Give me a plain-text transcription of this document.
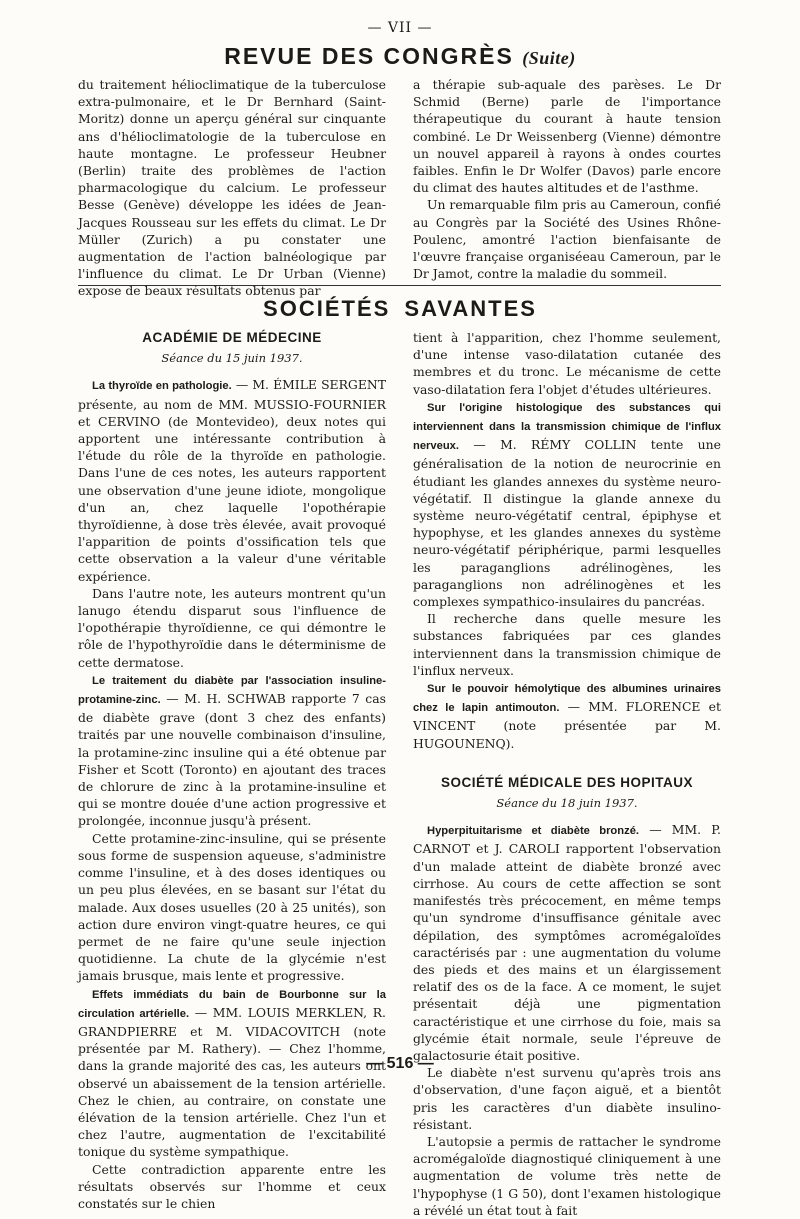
— VII —
REVUE DES CONGRÈS (Suite)

du traitement hélioclimatique de la tuberculose extra-pulmonaire, et le Dr Bernhard (Saint-Moritz) donne un aperçu général sur cinquante ans d'hélioclimatologie de la tuberculose en haute montagne. Le professeur Heubner (Berlin) traite des problèmes de l'action pharmacologique du calcium. Le professeur Besse (Genève) développe les idées de Jean-Jacques Rousseau sur les effets du climat. Le Dr Müller (Zurich) a pu constater une augmentation de l'action balnéologique par l'influence du climat. Le Dr Urban (Vienne) expose de beaux résultats obtenus par

a thérapie sub-aquale des parèses. Le Dr Schmid (Berne) parle de l'importance thérapeutique du courant à haute tension combiné. Le Dr Weissenberg (Vienne) démontre un nouvel appareil à rayons à ondes courtes faibles. Enfin le Dr Wolfer (Davos) parle encore du climat des hautes altitudes et de l'asthme.

Un remarquable film pris au Cameroun, confié au Congrès par la Société des Usines Rhône-Poulenc, amontré l'action bienfaisante de l'œuvre française organiséeau Cameroun, par le Dr Jamot, contre la maladie du sommeil.

SOCIÉTÉS SAVANTES

ACADÉMIE DE MÉDECINE

Séance du 15 juin 1937.

La thyroïde en pathologie. — M. ÉMILE SERGENT présente, au nom de MM. MUSSIO-FOURNIER et CERVINO (de Montevideo), deux notes qui apportent une intéressante contribution à l'étude du rôle de la thyroïde en pathologie. Dans l'une de ces notes, les auteurs rapportent une observation d'une jeune idiote, mongolique d'un an, chez laquelle l'opothérapie thyroïdienne, à dose très élevée, avait provoqué l'apparition de points d'ossification tels que cette observation a la valeur d'une véritable expérience.

Dans l'autre note, les auteurs montrent qu'un lanugo étendu disparut sous l'influence de l'opothérapie thyroïdienne, ce qui démontre le rôle de l'hypothyroïdie dans le déterminisme de cette dermatose.

Le traitement du diabète par l'association insuline-protamine-zinc. — M. H. SCHWAB rapporte 7 cas de diabète grave (dont 3 chez des enfants) traités par une nouvelle combinaison d'insuline, la protamine-zinc insuline qui a été obtenue par Fisher et Scott (Toronto) en ajoutant des traces de chlorure de zinc à la protamine-insuline et qui se montre douée d'une action progressive et prolongée, inconnue jusqu'à présent.

Cette protamine-zinc-insuline, qui se présente sous forme de suspension aqueuse, s'administre comme l'insuline, et à des doses identiques ou un peu plus élevées, en se basant sur l'état du malade. Aux doses usuelles (20 à 25 unités), son action dure environ vingt-quatre heures, ce qui permet de ne faire qu'une seule injection quotidienne. La chute de la glycémie n'est jamais brusque, mais lente et progressive.

Effets immédiats du bain de Bourbonne sur la circulation artérielle. — MM. LOUIS MERKLEN, R. GRANDPIERRE et M. VIDACOVITCH (note présentée par M. Rathery). — Chez l'homme, dans la grande majorité des cas, les auteurs ont observé un abaissement de la tension artérielle. Chez le chien, au contraire, on constate une élévation de la tension artérielle. Chez l'un et chez l'autre, augmentation de l'excitabilité tonique du système sympathique.

Cette contradiction apparente entre les résultats observés sur l'homme et ceux constatés sur le chien

tient à l'apparition, chez l'homme seulement, d'une intense vaso-dilatation cutanée des membres et du tronc. Le mécanisme de cette vaso-dilatation fera l'objet d'études ultérieures.

Sur l'origine histologique des substances qui interviennent dans la transmission chimique de l'influx nerveux. — M. RÉMY COLLIN tente une généralisation de la notion de neurocrinie en étudiant les glandes annexes du système neuro-végétatif. Il distingue la glande annexe du système neuro-végétatif central, épiphyse et hypophyse, et les glandes annexes du système neuro-végétatif périphérique, parmi lesquelles les paraganglions adrélinogènes, les paraganglions non adrélinogènes et les complexes sympathico-insulaires du pancréas.

Il recherche dans quelle mesure les substances fabriquées par ces glandes interviennent dans la transmission chimique de l'influx nerveux.

Sur le pouvoir hémolytique des albumines urinaires chez le lapin antimouton. — MM. FLORENCE et VINCENT (note présentée par M. HUGOUNENQ).

SOCIÉTÉ MÉDICALE DES HOPITAUX

Séance du 18 juin 1937.

Hyperpituitarisme et diabète bronzé. — MM. P. CARNOT et J. CAROLI rapportent l'observation d'un malade atteint de diabète bronzé avec cirrhose. Au cours de cette affection se sont manifestés très précocement, en même temps qu'un syndrome d'insuffisance génitale avec dépilation, des symptômes acromégaloïdes caractérisés par : une augmentation du volume des pieds et des mains et un élargissement relatif des os de la face. A ce moment, le sujet présentait déjà une pigmentation caractéristique et une cirrhose du foie, mais sa glycémie était normale, seule l'épreuve de galactosurie était positive.

Le diabète n'est survenu qu'après trois ans d'observation, d'une façon aiguë, et a bientôt pris les caractères d'un diabète insulino-résistant.

L'autopsie a permis de rattacher le syndrome acromégaloïde diagnostiqué cliniquement à une augmentation de volume très nette de l'hypophyse (1 G 50), dont l'examen histologique a révélé un état tout à fait

— 516 —
